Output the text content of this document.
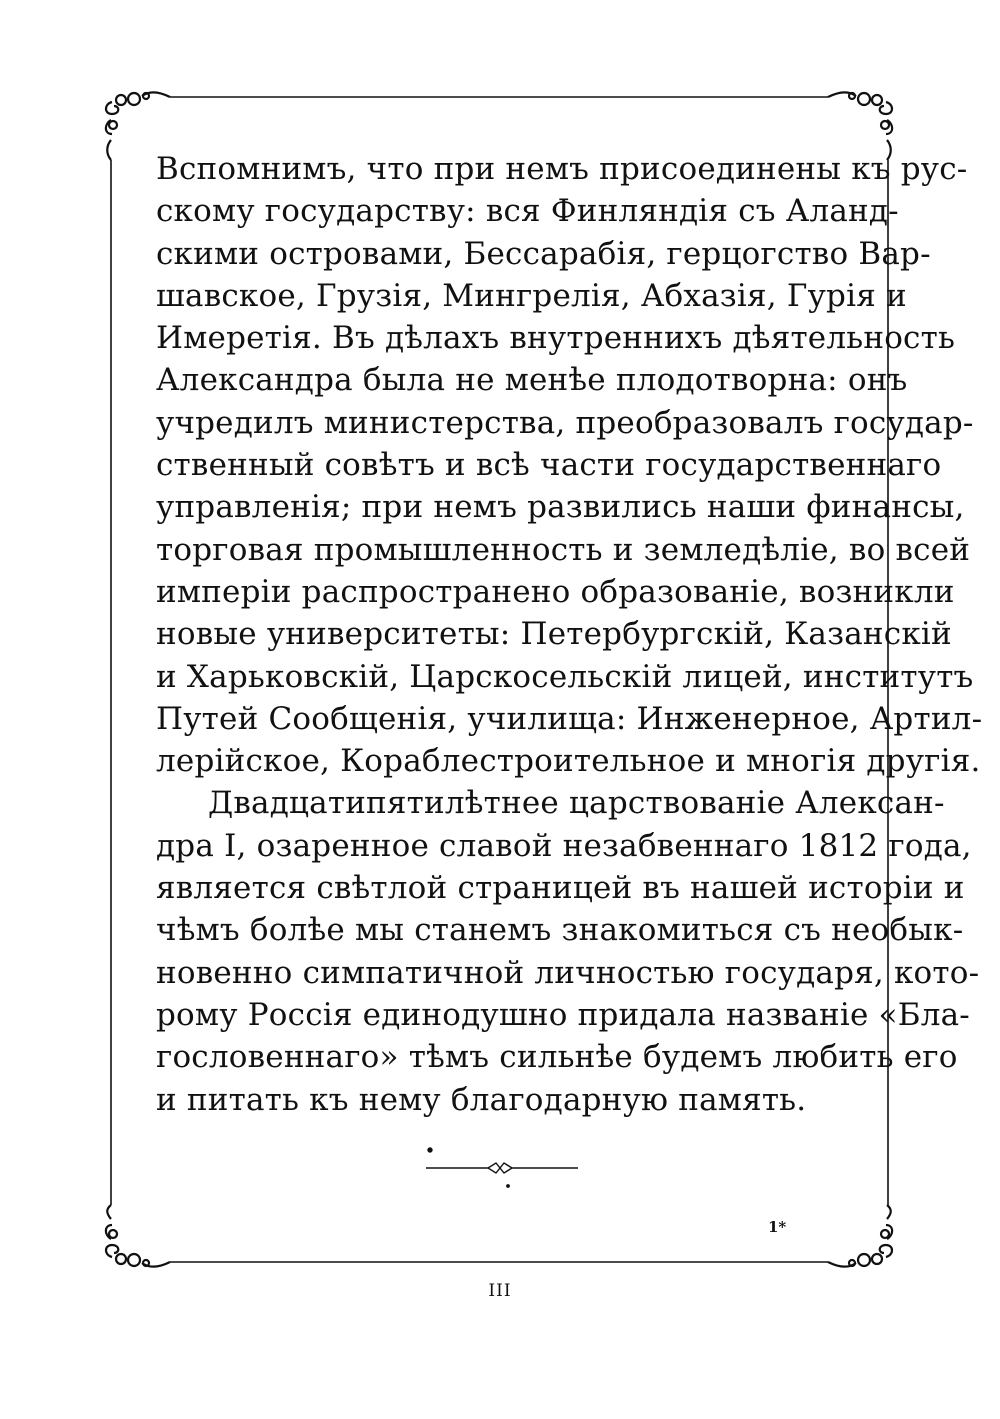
Вспомнимъ, что при немъ присоединены къ рус-
скому государству: вся Финляндія съ Аланд-
скими островами, Бессарабія, герцогство Вар-
шавское, Грузія, Мингрелія, Абхазія, Гурія и
Имеретія. Въ дѣлахъ внутреннихъ дѣятельность
Александра была не менѣе плодотворна: онъ
учредилъ министерства, преобразовалъ государ-
ственный совѣтъ и всѣ части государственнаго
управленія; при немъ развились наши финансы,
торговая промышленность и земледѣліе, во всей
имперіи распространено образованіе, возникли
новые университеты: Петербургскій, Казанскій
и Харьковскій, Царскосельскій лицей, институтъ
Путей Сообщенія, училища: Инженерное, Артил-
лерійское, Кораблестроительное и многія другія.
Двадцатипятилѣтнее царствованіе Алексан-
дра I, озаренное славой незабвеннаго 1812 года,
является свѣтлой страницей въ нашей исторіи и
чѣмъ болѣе мы станемъ знакомиться съ необык-
новенно симпатичной личностью государя, кото-
рому Россія единодушно придала названіе «Бла-
гословеннаго» тѣмъ сильнѣе будемъ любить его
и питать къ нему благодарную память.
1*
III
